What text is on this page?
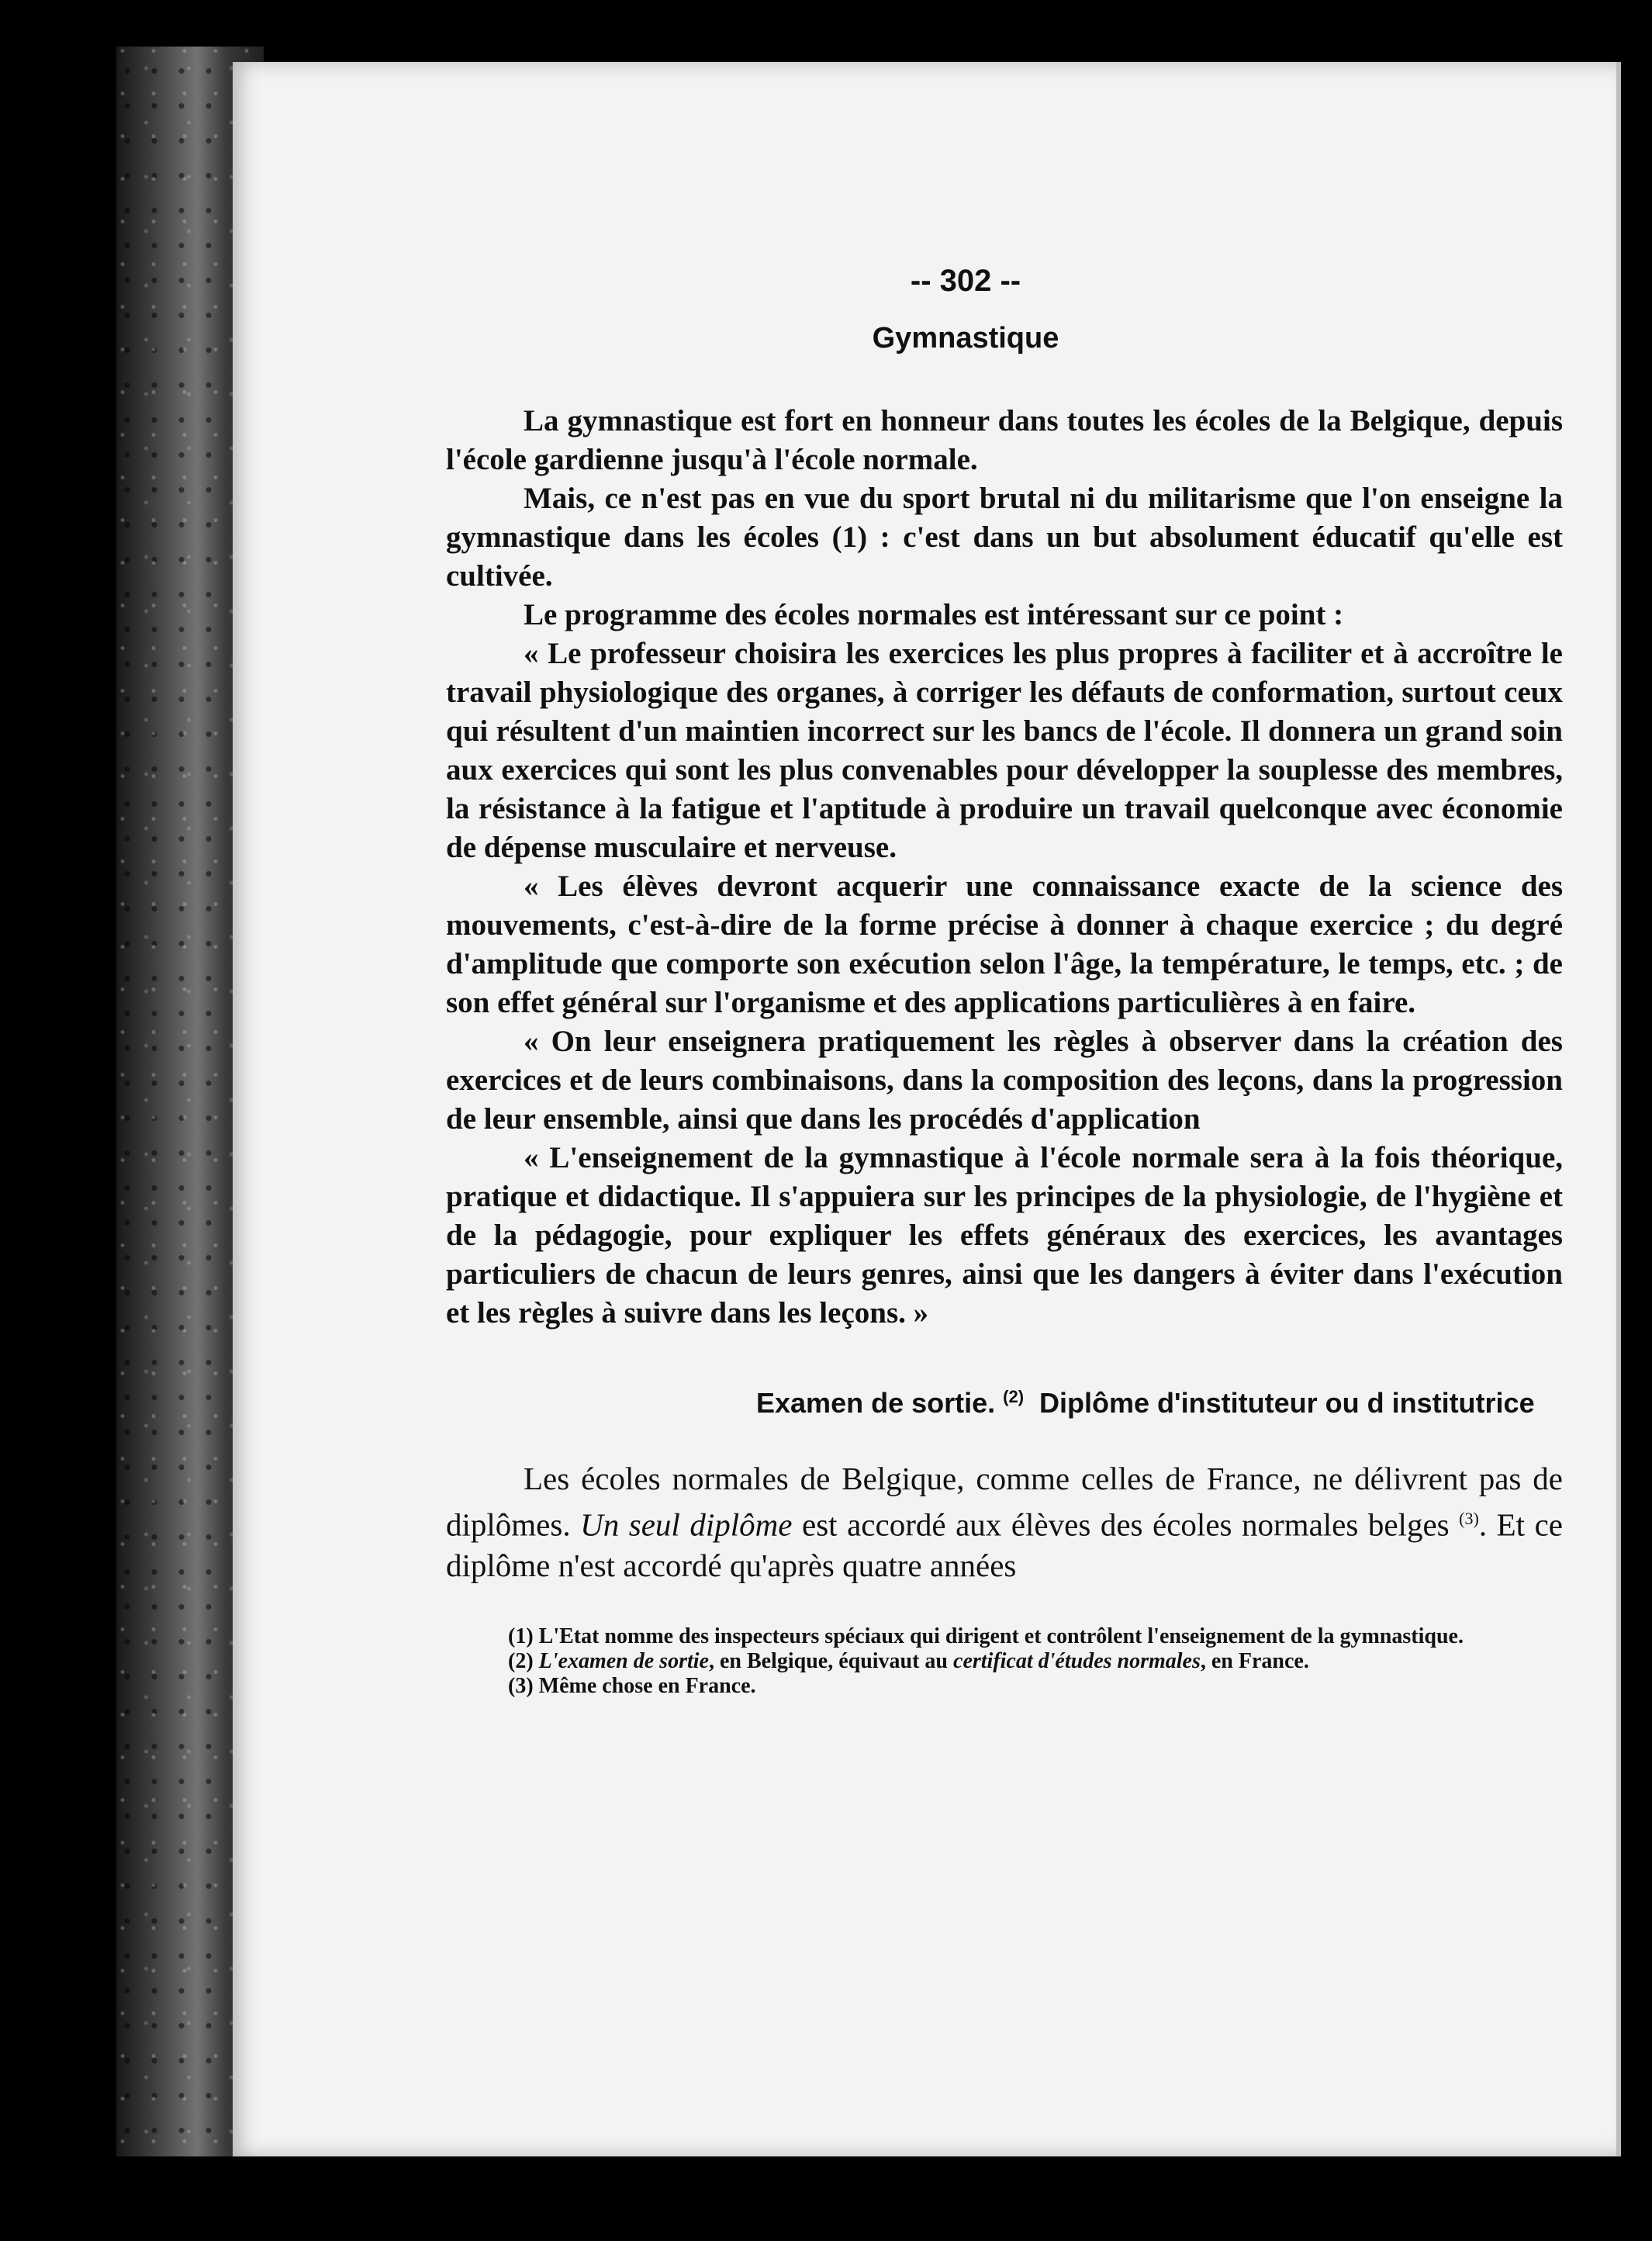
-- 302 --
Gymnastique

La gymnastique est fort en honneur dans toutes les écoles de la Belgique, depuis l'école gardienne jusqu'à l'école normale.

Mais, ce n'est pas en vue du sport brutal ni du militarisme que l'on enseigne la gymnastique dans les écoles (1) : c'est dans un but absolument éducatif qu'elle est cultivée.

Le programme des écoles normales est intéressant sur ce point :

« Le professeur choisira les exercices les plus propres à faciliter et à accroître le travail physiologique des organes, à corriger les défauts de conformation, surtout ceux qui résultent d'un maintien incorrect sur les bancs de l'école. Il donnera un grand soin aux exercices qui sont les plus convenables pour développer la souplesse des membres, la résistance à la fatigue et l'aptitude à produire un travail quelconque avec économie de dépense musculaire et nerveuse.

« Les élèves devront acquerir une connaissance exacte de la science des mouvements, c'est-à-dire de la forme précise à donner à chaque exercice ; du degré d'amplitude que comporte son exécution selon l'âge, la température, le temps, etc. ; de son effet général sur l'organisme et des applications particulières à en faire.

« On leur enseignera pratiquement les règles à observer dans la création des exercices et de leurs combinaisons, dans la composition des leçons, dans la progression de leur ensemble, ainsi que dans les procédés d'application

« L'enseignement de la gymnastique à l'école normale sera à la fois théorique, pratique et didactique. Il s'appuiera sur les principes de la physiologie, de l'hygiène et de la pédagogie, pour expliquer les effets généraux des exercices, les avantages particuliers de chacun de leurs genres, ainsi que les dangers à éviter dans l'exécution et les règles à suivre dans les leçons. »

Examen de sortie. $^{(2)}$ Diplôme d'instituteur ou d institutrice

Les écoles normales de Belgique, comme celles de France, ne délivrent pas de diplômes. Un seul diplôme est accordé aux élèves des écoles normales belges $^{(3)}$. Et ce diplôme n'est accordé qu'après quatre années

(1) L'Etat nomme des inspecteurs spéciaux qui dirigent et contrôlent l'enseignement de la gymnastique.

(2) L'examen de sortie, en Belgique, équivaut au certificat d'études normales, en France.

(3) Même chose en France.
